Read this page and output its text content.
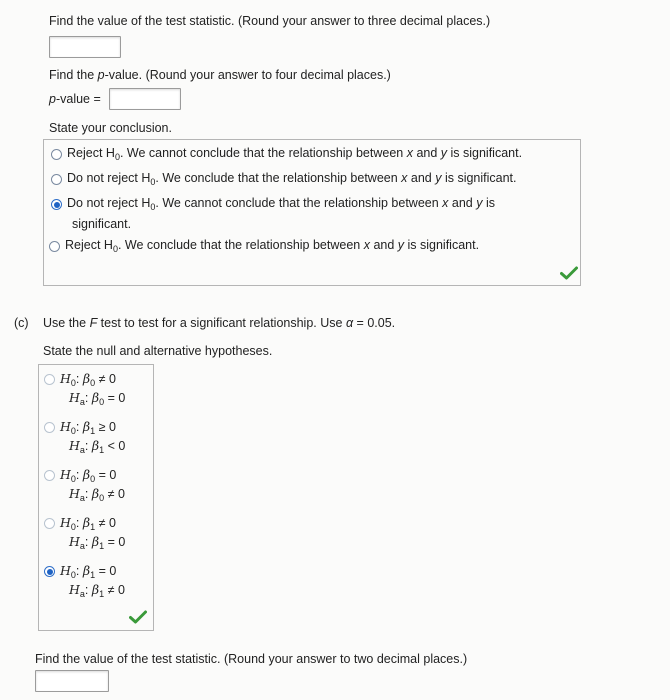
Find the value of the test statistic. (Round your answer to three decimal places.)
Find the p-value. (Round your answer to four decimal places.)
p-value =
State your conclusion.
Reject $H_0$. We cannot conclude that the relationship between x and y is significant.
Do not reject $H_0$. We conclude that the relationship between x and y is significant.
Do not reject $H_0$. We cannot conclude that the relationship between x and y is
significant.
Reject $H_0$. We conclude that the relationship between x and y is significant.
(c) Use the F test to test for a significant relationship. Use α = 0.05.
State the null and alternative hypotheses.
$H_0$: $\beta_0 \ne 0$
$H_a$: $\beta_0 = 0$
$H_0$: $\beta_1 \ge 0$
$H_a$: $\beta_1 < 0$
$H_0$: $\beta_0 = 0$
$H_a$: $\beta_0 \ne 0$
$H_0$: $\beta_1 \ne 0$
$H_a$: $\beta_1 = 0$
$H_0$: $\beta_1 = 0$
$H_a$: $\beta_1 \ne 0$
Find the value of the test statistic. (Round your answer to two decimal places.)
